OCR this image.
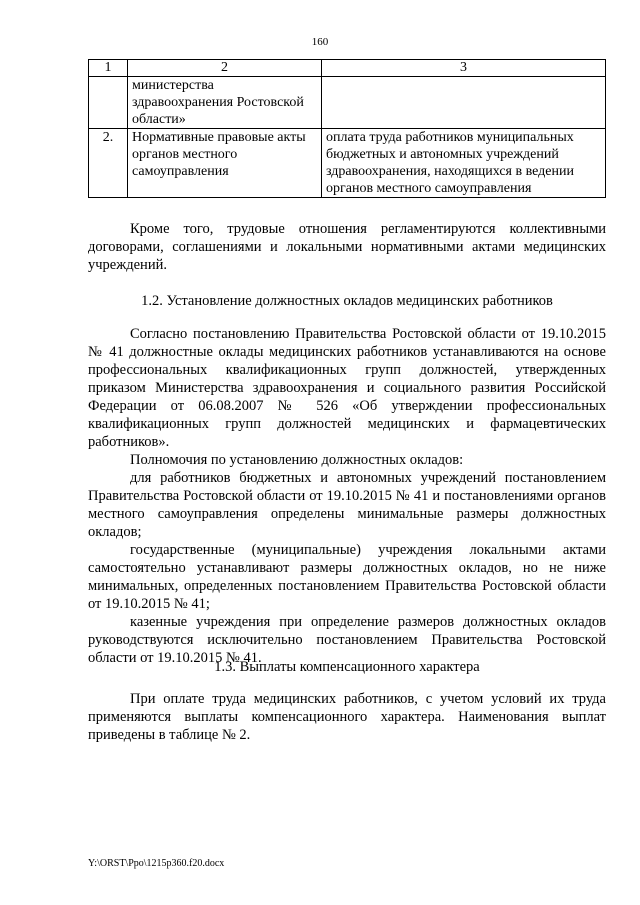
160
1	2	3
	министерства здравоохранения Ростовской области»	
2.	Нормативные правовые акты органов местного самоуправления	оплата труда работников муниципальных бюджетных и автономных учреждений здравоохранения, находящихся в ведении органов местного самоуправления

Кроме того, трудовые отношения регламентируются коллективными договорами, соглашениями и локальными нормативными актами медицинских учреждений.

1.2. Установление должностных окладов медицинских работников

Согласно постановлению Правительства Ростовской области от 19.10.2015 № 41 должностные оклады медицинских работников устанавливаются на основе профессиональных квалификационных групп должностей, утвержденных приказом Министерства здравоохранения и социального развития Российской Федерации от 06.08.2007 № 526 «Об утверждении профессиональных квалификационных групп должностей медицинских и фармацевтических работников».

Полномочия по установлению должностных окладов:

для работников бюджетных и автономных учреждений постановлением Правительства Ростовской области от 19.10.2015 № 41 и постановлениями органов местного самоуправления определены минимальные размеры должностных окладов;

государственные (муниципальные) учреждения локальными актами самостоятельно устанавливают размеры должностных окладов, но не ниже минимальных, определенных постановлением Правительства Ростовской области от 19.10.2015 № 41;

казенные учреждения при определение размеров должностных окладов руководствуются исключительно постановлением Правительства Ростовской области от 19.10.2015 № 41.

1.3. Выплаты компенсационного характера

При оплате труда медицинских работников, с учетом условий их труда применяются выплаты компенсационного характера. Наименования выплат приведены в таблице № 2.

Y:\ORST\Ppo\1215p360.f20.docx
